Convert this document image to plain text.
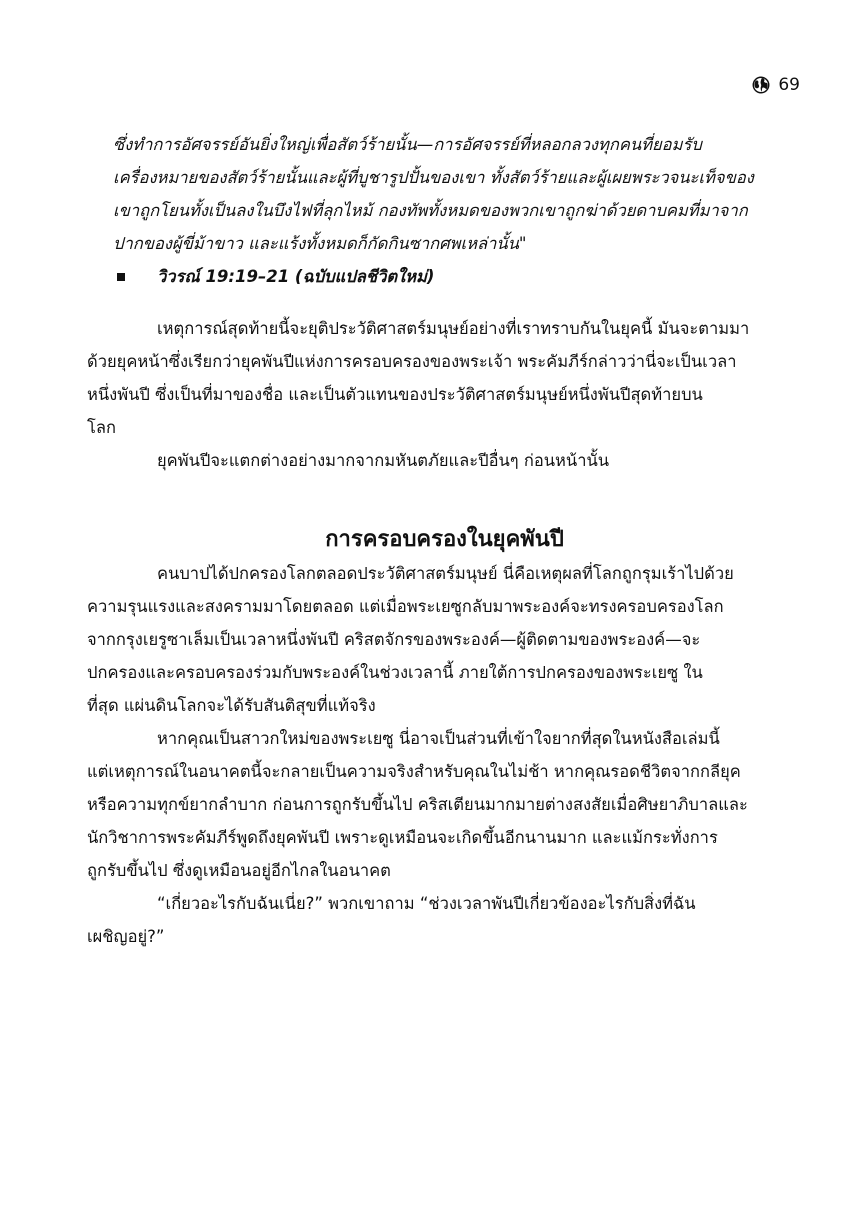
69

ซึ่งทำการอัศจรรย์อันยิ่งใหญ่เพื่อสัตว์ร้ายนั้น—การอัศจรรย์ที่หลอกลวงทุกคนที่ยอมรับ
เครื่องหมายของสัตว์ร้ายนั้นและผู้ที่บูชารูปปั้นของเขา ทั้งสัตว์ร้ายและผู้เผยพระวจนะเท็จของ
เขาถูกโยนทั้งเป็นลงในบึงไฟที่ลุกไหม้ กองทัพทั้งหมดของพวกเขาถูกฆ่าด้วยดาบคมที่มาจาก
ปากของผู้ขี่ม้าขาว และแร้งทั้งหมดก็กัดกินซากศพเหล่านั้น"

วิวรณ์ 19:19–21 (ฉบับแปลชีวิตใหม่)

เหตุการณ์สุดท้ายนี้จะยุติประวัติศาสตร์มนุษย์อย่างที่เราทราบกันในยุคนี้ มันจะตามมา
ด้วยยุคหน้าซึ่งเรียกว่ายุคพันปีแห่งการครอบครองของพระเจ้า พระคัมภีร์กล่าวว่านี่จะเป็นเวลา
หนึ่งพันปี ซึ่งเป็นที่มาของชื่อ และเป็นตัวแทนของประวัติศาสตร์มนุษย์หนึ่งพันปีสุดท้ายบน
โลก

ยุคพันปีจะแตกต่างอย่างมากจากมหันตภัยและปีอื่นๆ ก่อนหน้านั้น

การครอบครองในยุคพันปี

คนบาปได้ปกครองโลกตลอดประวัติศาสตร์มนุษย์ นี่คือเหตุผลที่โลกถูกรุมเร้าไปด้วย
ความรุนแรงและสงครามมาโดยตลอด แต่เมื่อพระเยซูกลับมาพระองค์จะทรงครอบครองโลก
จากกรุงเยรูซาเล็มเป็นเวลาหนึ่งพันปี คริสตจักรของพระองค์—ผู้ติดตามของพระองค์—จะ
ปกครองและครอบครองร่วมกับพระองค์ในช่วงเวลานี้ ภายใต้การปกครองของพระเยซู ใน
ที่สุด แผ่นดินโลกจะได้รับสันติสุขที่แท้จริง

หากคุณเป็นสาวกใหม่ของพระเยซู นี่อาจเป็นส่วนที่เข้าใจยากที่สุดในหนังสือเล่มนี้
แต่เหตุการณ์ในอนาคตนี้จะกลายเป็นความจริงสำหรับคุณในไม่ช้า หากคุณรอดชีวิตจากกลียุค
หรือความทุกข์ยากลำบาก ก่อนการถูกรับขึ้นไป คริสเตียนมากมายต่างสงสัยเมื่อศิษยาภิบาลและ
นักวิชาการพระคัมภีร์พูดถึงยุคพันปี เพราะดูเหมือนจะเกิดขึ้นอีกนานมาก และแม้กระทั่งการ
ถูกรับขึ้นไป ซึ่งดูเหมือนอยู่อีกไกลในอนาคต

“เกี่ยวอะไรกับฉันเนี่ย?” พวกเขาถาม “ช่วงเวลาพันปีเกี่ยวข้องอะไรกับสิ่งที่ฉัน
เผชิญอยู่?”
